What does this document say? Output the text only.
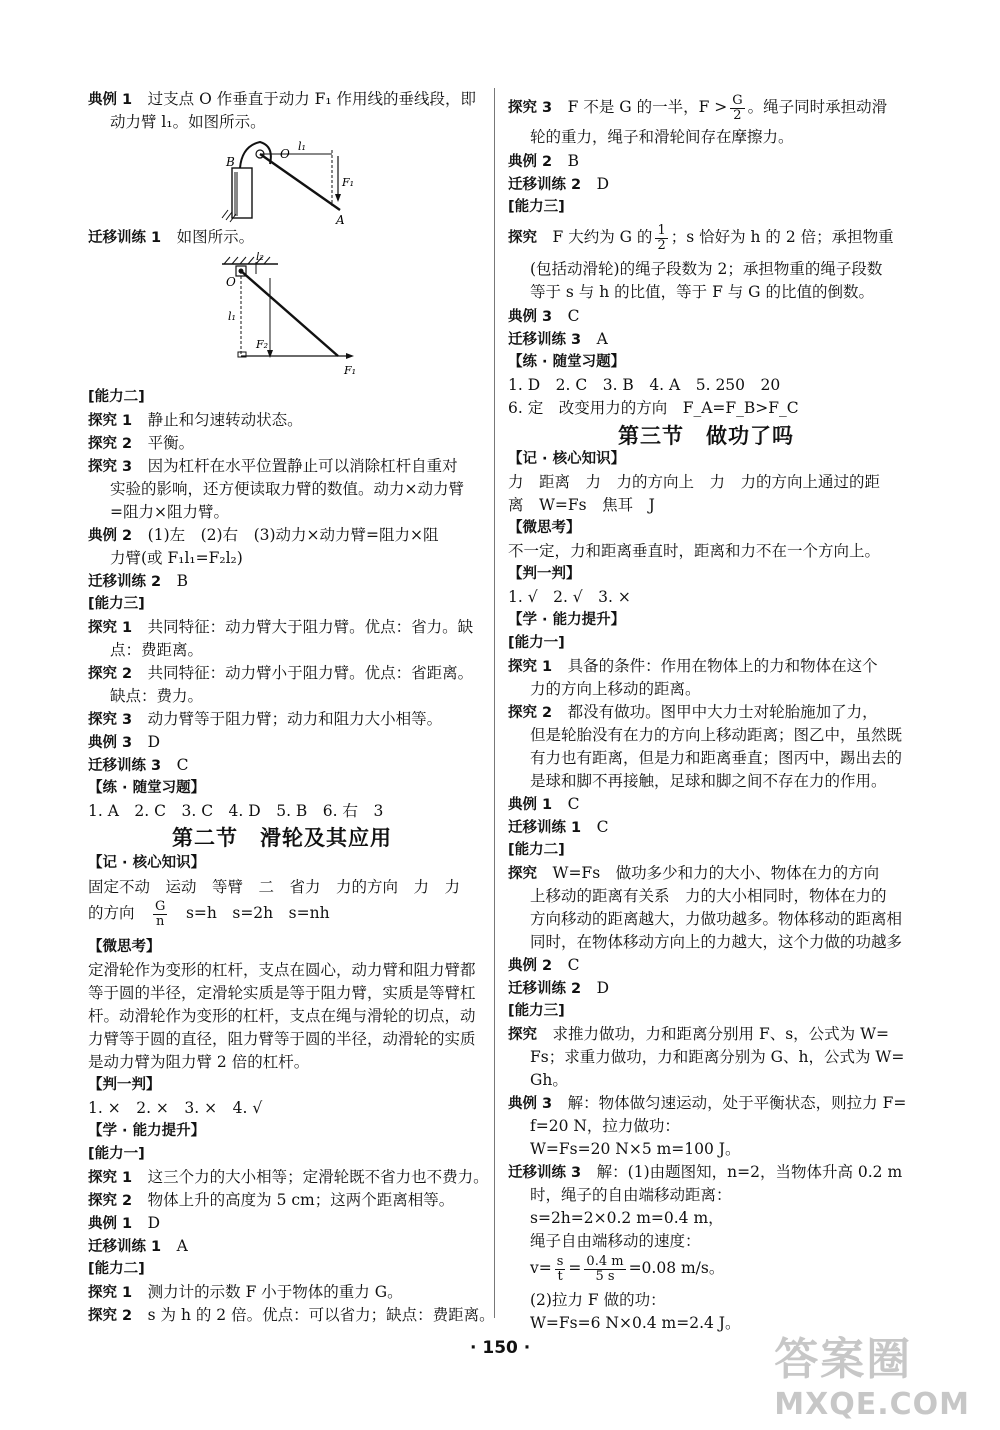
典例 1　 过支点 O 作垂直于动力 F₁ 作用线的垂线段，即
动力臂 l₁。如图所示。
B
O
l₁
F₁
A
迁移训练 1　 如图所示。
l₂
O
l₁
F₂
F₁
[能力二]
探究 1　 静止和匀速转动状态。
探究 2　 平衡。
探究 3　 因为杠杆在水平位置静止可以消除杠杆自重对
实验的影响，还方便读取力臂的数值。动力×动力臂
=阻力×阻力臂。
典例 2　 (1)左　(2)右　(3)动力×动力臂=阻力×阻
力臂(或 F₁l₁=F₂l₂)
迁移训练 2　 B
[能力三]
探究 1　 共同特征：动力臂大于阻力臂。优点：省力。缺
点：费距离。
探究 2　 共同特征：动力臂小于阻力臂。优点：省距离。
缺点：费力。
探究 3　 动力臂等于阻力臂；动力和阻力大小相等。
典例 3　 D
迁移训练 3　 C
【练 · 随堂习题】
1. A　2. C　3. C　4. D　5. B　6. 右　3
第二节　滑轮及其应用
【记 · 核心知识】
固定不动　运动　等臂　二　省力　力的方向　力　力
的方向　 $\frac{G}{n}$
　 s=h　s=2h　s=nh
【微思考】
定滑轮作为变形的杠杆，支点在圆心，动力臂和阻力臂都
等于圆的半径，定滑轮实质是等于阻力臂，实质是等臂杠
杆。动滑轮作为变形的杠杆，支点在绳与滑轮的切点，动
力臂等于圆的直径，阻力臂等于圆的半径，动滑轮的实质
是动力臂为阻力臂 2 倍的杠杆。
【判一判】
1. ×　2. ×　3. ×　4. √
【学 · 能力提升】
[能力一]
探究 1　 这三个力的大小相等；定滑轮既不省力也不费力。
探究 2　 物体上升的高度为 5 cm；这两个距离相等。
典例 1　 D
迁移训练 1　 A
[能力二]
探究 1　 测力计的示数 F 小于物体的重力 G。
探究 2　 s 为 h 的 2 倍。优点：可以省力；缺点：费距离。
探究 3　 F 不是 G 的一半，$F > \frac{G}{2}$ 。绳子同时承担动滑
轮的重力，绳子和滑轮间存在摩擦力。
典例 2　 B
迁移训练 2　 D
[能力三]
探究　 F 大约为 G 的 $\frac{1}{2}$ ；s 恰好为 h 的 2 倍；承担物重
(包括动滑轮)的绳子段数为 2；承担物重的绳子段数
等于 s 与 h 的比值，等于 F 与 G 的比值的倒数。
典例 3　 C
迁移训练 3　 A
【练 · 随堂习题】
1. D　2. C　3. B　4. A　5. 250　20
6. 定　改变用力的方向　F_A=F_B>F_C
第三节　做功了吗
【记 · 核心知识】
力　距离　力　力的方向上　力　力的方向上通过的距
离　W=Fs　焦耳　J
【微思考】
不一定，力和距离垂直时，距离和力不在一个方向上。
【判一判】
1. √　2. √　3. ×
【学 · 能力提升】
[能力一]
探究 1　 具备的条件：作用在物体上的力和物体在这个
力的方向上移动的距离。
探究 2　 都没有做功。图甲中大力士对轮胎施加了力，
但是轮胎没有在力的方向上移动距离；图乙中，虽然既
有力也有距离，但是力和距离垂直；图丙中，踢出去的
是球和脚不再接触，足球和脚之间不存在力的作用。
典例 1　 C
迁移训练 1　 C
[能力二]
探究　 W=Fs　做功多少和力的大小、物体在力的方向
上移动的距离有关系　力的大小相同时，物体在力的
方向移动的距离越大，力做功越多。物体移动的距离相
同时，在物体移动方向上的力越大，这个力做的功越多
典例 2　 C
迁移训练 2　 D
[能力三]
探究　 求推力做功，力和距离分别用 F、s，公式为 W=
Fs；求重力做功，力和距离分别为 G、h，公式为 W=
Gh。
典例 3　 解：物体做匀速运动，处于平衡状态，则拉力 F=
f=20 N，拉力做功：
W=Fs=20 N×5 m=100 J。
迁移训练 3　 解：(1)由题图知，n=2，当物体升高 0.2 m
时，绳子的自由端移动距离：
s=2h=2×0.2 m=0.4 m，
绳子自由端移动的速度：
$v= \frac{s}{t} = \frac{0.4 m}{5 s} =0.08$ m/s。
(2)拉力 F 做的功：
W=Fs=6 N×0.4 m=2.4 J。
· 150 ·	答案圈
MXQE.COM
